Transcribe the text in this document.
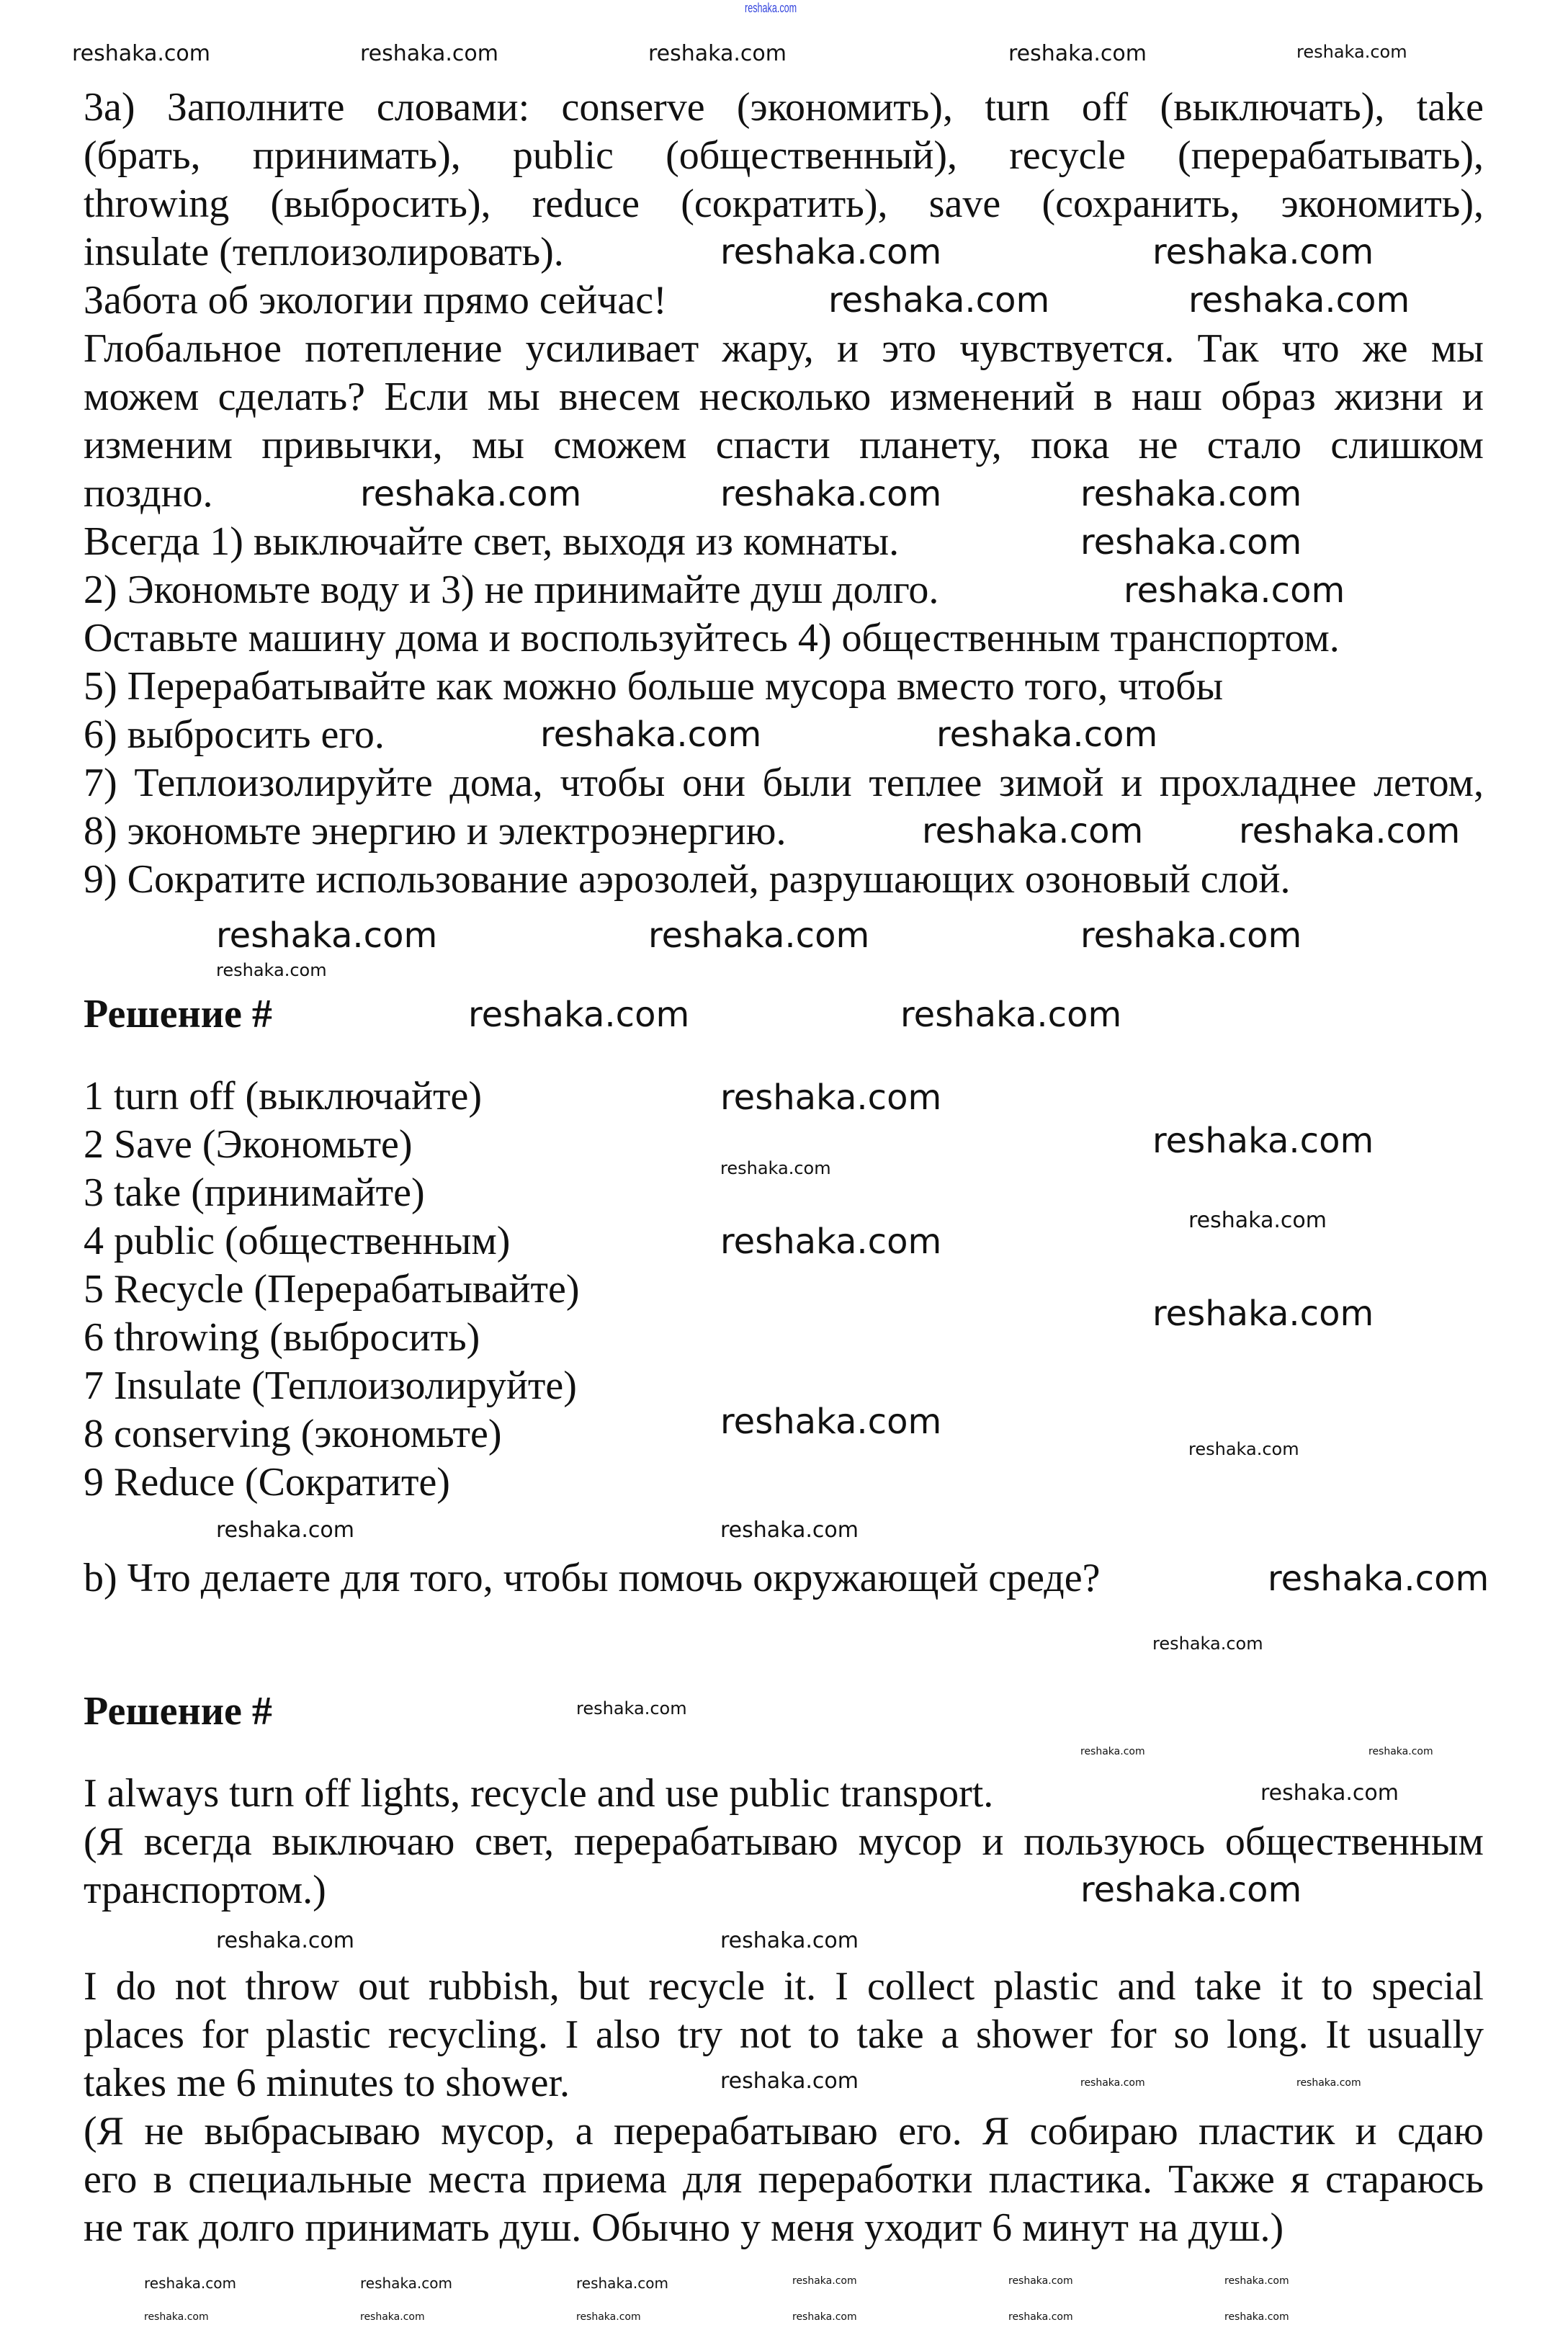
3а) Заполните словами: conserve (экономить), turn off (выключать), take
(брать, принимать), public (общественный), recycle (перерабатывать),
throwing (выбросить), reduce (сократить), save (сохранить, экономить),
insulate (теплоизолировать).
Забота об экологии прямо сейчас!
Глобальное потепление усиливает жару, и это чувствуется. Так что же мы
можем сделать? Если мы внесем несколько изменений в наш образ жизни и
изменим привычки, мы сможем спасти планету, пока не стало слишком
поздно.
Всегда 1) выключайте свет, выходя из комнаты.
2) Экономьте воду и 3) не принимайте душ долго.
Оставьте машину дома и воспользуйтесь 4) общественным транспортом.
5) Перерабатывайте как можно больше мусора вместо того, чтобы
6) выбросить его.
7) Теплоизолируйте дома, чтобы они были теплее зимой и прохладнее летом,
8) экономьте энергию и электроэнергию.
9) Сократите использование аэрозолей, разрушающих озоновый слой.
Решение #
1 turn off (выключайте)
2 Save (Экономьте)
3 take (принимайте)
4 public (общественным)
5 Recycle (Перерабатывайте)
6 throwing (выбросить)
7 Insulate (Теплоизолируйте)
8 conserving (экономьте)
9 Reduce (Сократите)
b) Что делаете для того, чтобы помочь окружающей среде?
Решение #
I always turn off lights, recycle and use public transport.
(Я всегда выключаю свет, перерабатываю мусор и пользуюсь общественным
транспортом.)
I do not throw out rubbish, but recycle it. I collect plastic and take it to special
places for plastic recycling. I also try not to take a shower for so long. It usually
takes me 6 minutes to shower.
(Я не выбрасываю мусор, а перерабатываю его. Я собираю пластик и сдаю
его в специальные места приема для переработки пластика. Также я стараюсь
не так долго принимать душ. Обычно у меня уходит 6 минут на душ.)
reshaka.com
reshaka.com	reshaka.com
reshaka.com	reshaka.com
reshaka.com	reshaka.com	reshaka.com
reshaka.com
reshaka.com
reshaka.com	reshaka.com
reshaka.com	reshaka.com
reshaka.com	reshaka.com	reshaka.com
reshaka.com	reshaka.com
reshaka.com
reshaka.com
reshaka.com
reshaka.com
reshaka.com
reshaka.com
reshaka.com
reshaka.com	reshaka.com	reshaka.com	reshaka.com	reshaka.com
reshaka.com
reshaka.com
reshaka.com
reshaka.com
reshaka.com	reshaka.com
reshaka.com
reshaka.com
reshaka.com
reshaka.com	reshaka.com
reshaka.com
reshaka.com	reshaka.com	reshaka.com	reshaka.com	reshaka.com	reshaka.com
reshaka.com	reshaka.com	reshaka.com	reshaka.com	reshaka.com	reshaka.com
reshaka.com	reshaka.com
reshaka.com	reshaka.com
